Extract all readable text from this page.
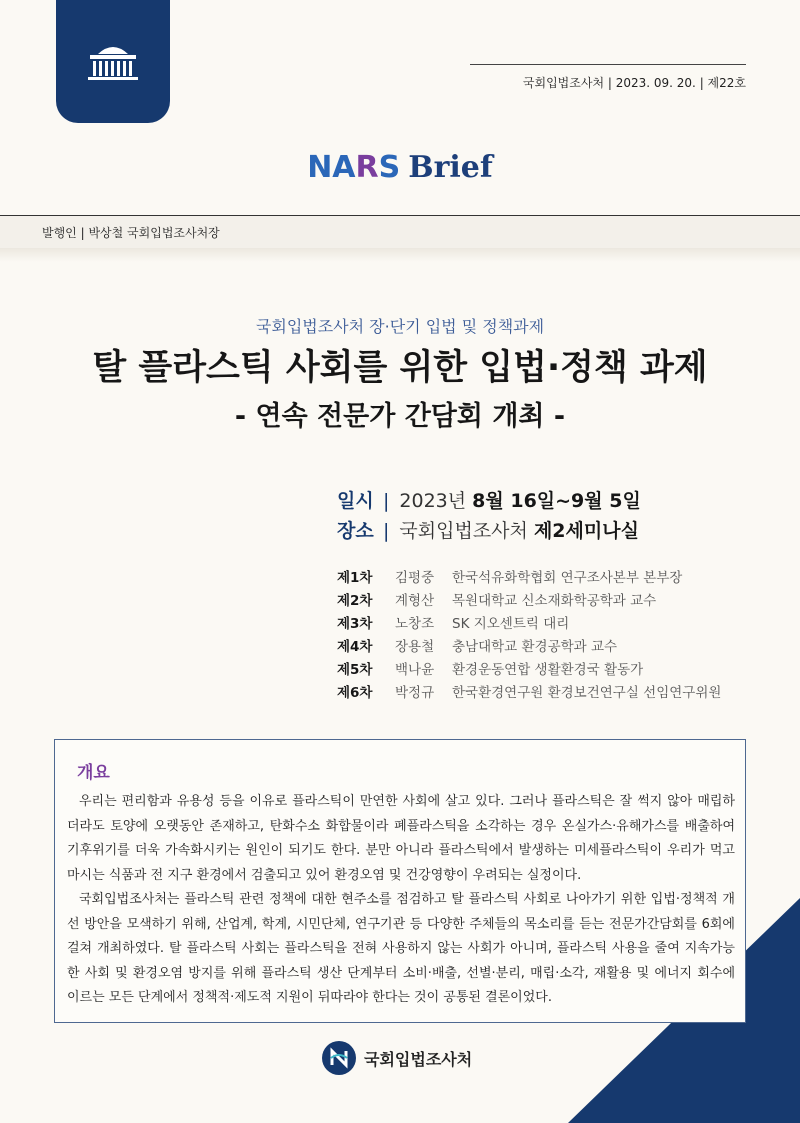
국회입법조사처 | 2023. 09. 20. | 제22호
NARS Brief
발행인 | 박상철 국회입법조사처장
국회입법조사처 장·단기 입법 및 정책과제
탈 플라스틱 사회를 위한 입법·정책 과제
- 연속 전문가 간담회 개최 -
일시 | 2023년 8월 16일~9월 5일
장소 | 국회입법조사처 제2세미나실
제1차 김평중 한국석유화학협회 연구조사본부 본부장
제2차 계형산 목원대학교 신소재화학공학과 교수
제3차 노창조 SK 지오센트릭 대리
제4차 장용철 충남대학교 환경공학과 교수
제5차 백나윤 환경운동연합 생활환경국 활동가
제6차 박정규 한국환경연구원 환경보건연구실 선임연구위원
개요

우리는 편리함과 유용성 등을 이유로 플라스틱이 만연한 사회에 살고 있다. 그러나 플라스틱은 잘 썩지 않아 매립하더라도 토양에 오랫동안 존재하고, 탄화수소 화합물이라 폐플라스틱을 소각하는 경우 온실가스·유해가스를 배출하여 기후위기를 더욱 가속화시키는 원인이 되기도 한다. 분만 아니라 플라스틱에서 발생하는 미세플라스틱이 우리가 먹고 마시는 식품과 전 지구 환경에서 검출되고 있어 환경오염 및 건강영향이 우려되는 실정이다.

국회입법조사처는 플라스틱 관련 정책에 대한 현주소를 점검하고 탈 플라스틱 사회로 나아가기 위한 입법·정책적 개선 방안을 모색하기 위해, 산업계, 학계, 시민단체, 연구기관 등 다양한 주체들의 목소리를 듣는 전문가간담회를 6회에 걸쳐 개최하였다. 탈 플라스틱 사회는 플라스틱을 전혀 사용하지 않는 사회가 아니며, 플라스틱 사용을 줄여 지속가능한 사회 및 환경오염 방지를 위해 플라스틱 생산 단계부터 소비·배출, 선별·분리, 매립·소각, 재활용 및 에너지 회수에 이르는 모든 단계에서 정책적·제도적 지원이 뒤따라야 한다는 것이 공통된 결론이었다.

국회입법조사처
